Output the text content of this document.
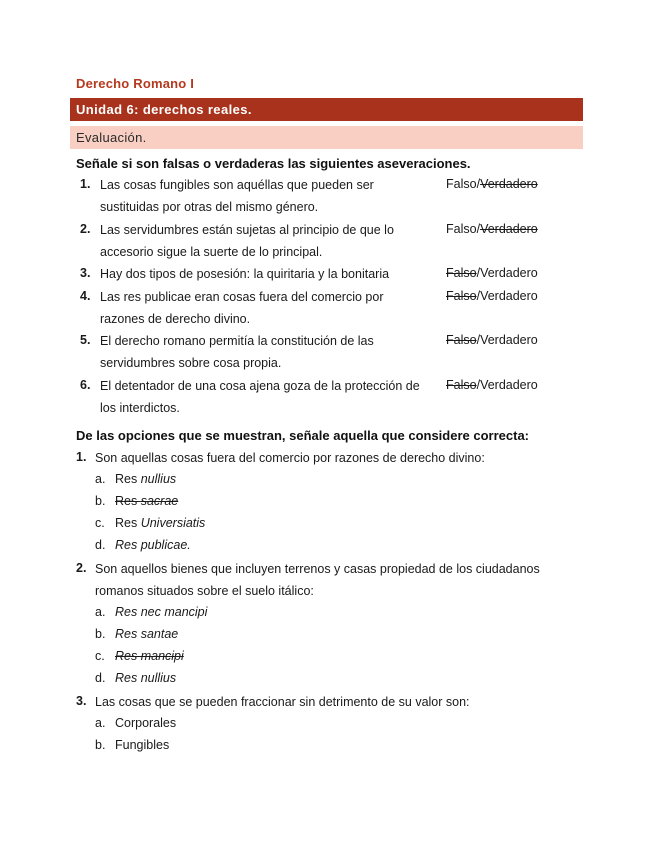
Derecho Romano I
Unidad 6: derechos reales.
Evaluación.
Señale si son falsas o verdaderas las siguientes aseveraciones.
1. Las cosas fungibles son aquéllas que pueden ser sustituidas por otras del mismo género.
Falso/Verdadero
2. Las servidumbres están sujetas al principio de que lo accesorio sigue la suerte de lo principal.
Falso/Verdadero
3. Hay dos tipos de posesión: la quiritaria y la bonitaria	Falso/Verdadero
4. Las res publicae eran cosas fuera del comercio por razones de derecho divino.
Falso/Verdadero
5. El derecho romano permitía la constitución de las servidumbres sobre cosa propia.
Falso/Verdadero
6. El detentador de una cosa ajena goza de la protección de los interdictos.
Falso/Verdadero
De las opciones que se muestran, señale aquella que considere correcta:
1. Son aquellas cosas fuera del comercio por razones de derecho divino:
a. Res nullius
b. Res sacrae
c. Res Universiatis
d. Res publicae.
2. Son aquellos bienes que incluyen terrenos y casas propiedad de los ciudadanos romanos situados sobre el suelo itálico:
a. Res nec mancipi
b. Res santae
c. Res mancipi
d. Res nullius
3. Las cosas que se pueden fraccionar sin detrimento de su valor son:
a. Corporales
b. Fungibles
